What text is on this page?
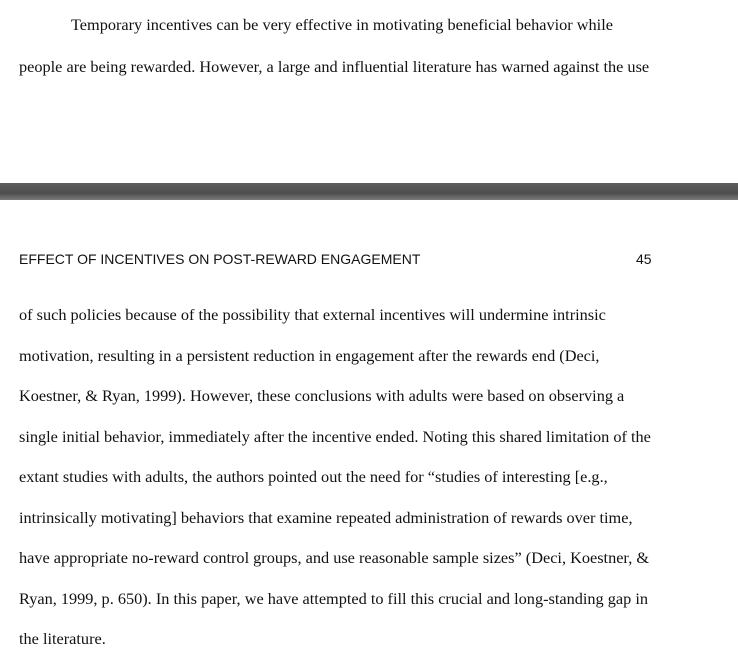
Temporary incentives can be very effective in motivating beneficial behavior while
people are being rewarded. However, a large and influential literature has warned against the use
EFFECT OF INCENTIVES ON POST-REWARD ENGAGEMENT	45
of such policies because of the possibility that external incentives will undermine intrinsic
motivation, resulting in a persistent reduction in engagement after the rewards end (Deci,
Koestner, & Ryan, 1999). However, these conclusions with adults were based on observing a
single initial behavior, immediately after the incentive ended. Noting this shared limitation of the
extant studies with adults, the authors pointed out the need for “studies of interesting [e.g.,
intrinsically motivating] behaviors that examine repeated administration of rewards over time,
have appropriate no-reward control groups, and use reasonable sample sizes” (Deci, Koestner, &
Ryan, 1999, p. 650). In this paper, we have attempted to fill this crucial and long-standing gap in
the literature.
